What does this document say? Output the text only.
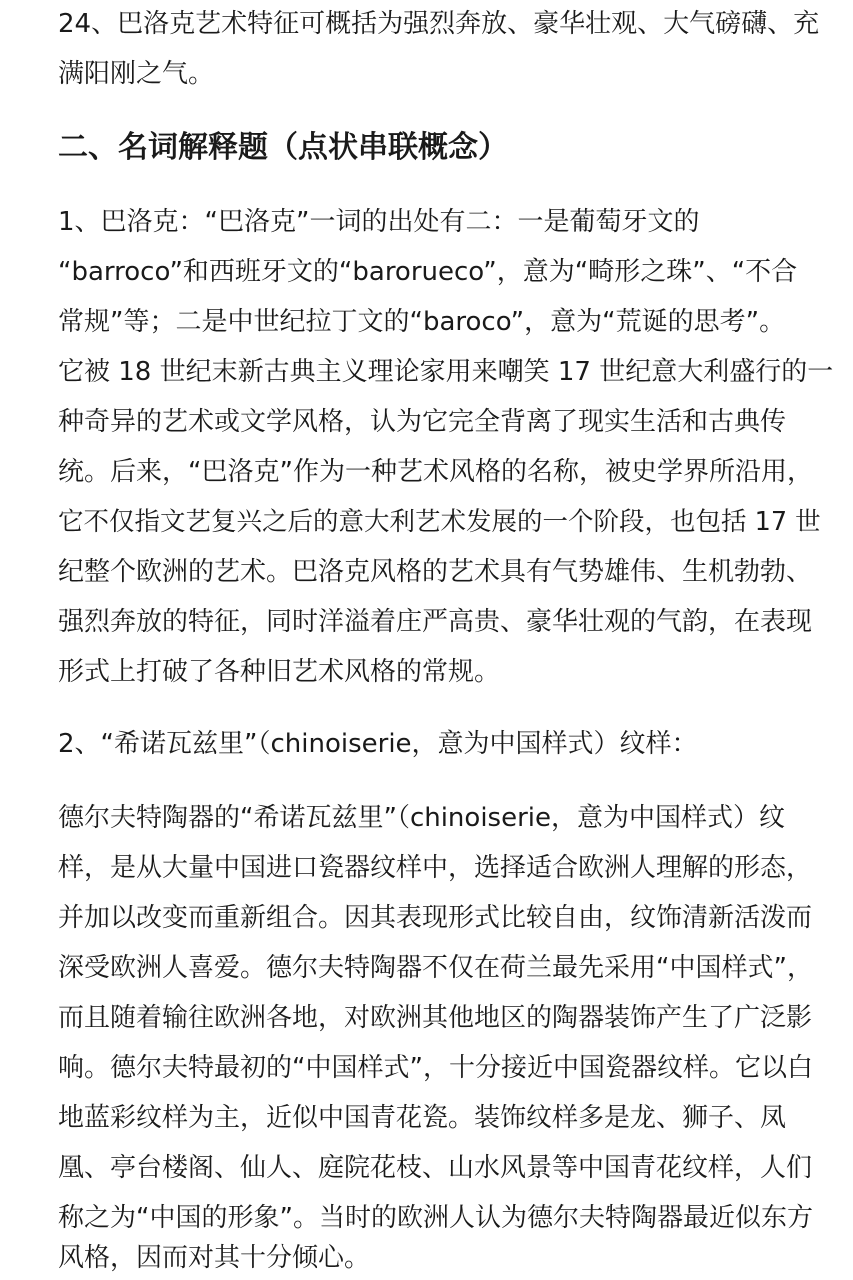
24、巴洛克艺术特征可概括为强烈奔放、豪华壮观、大气磅礴、充
满阳刚之气。
二、名词解释题（点状串联概念）
1、巴洛克：“巴洛克”一词的出处有二：一是葡萄牙文的
“barroco”和西班牙文的“barorueco”，意为“畸形之珠”、“不合
常规”等；二是中世纪拉丁文的“baroco”，意为“荒诞的思考”。
它被 18 世纪末新古典主义理论家用来嘲笑 17 世纪意大利盛行的一
种奇异的艺术或文学风格，认为它完全背离了现实生活和古典传
统。后来，“巴洛克”作为一种艺术风格的名称，被史学界所沿用，
它不仅指文艺复兴之后的意大利艺术发展的一个阶段，也包括 17 世
纪整个欧洲的艺术。巴洛克风格的艺术具有气势雄伟、生机勃勃、
强烈奔放的特征，同时洋溢着庄严高贵、豪华壮观的气韵，在表现
形式上打破了各种旧艺术风格的常规。
2、“希诺瓦兹里”（chinoiserie，意为中国样式）纹样：
德尔夫特陶器的“希诺瓦兹里”（chinoiserie，意为中国样式）纹
样，是从大量中国进口瓷器纹样中，选择适合欧洲人理解的形态，
并加以改变而重新组合。因其表现形式比较自由，纹饰清新活泼而
深受欧洲人喜爱。德尔夫特陶器不仅在荷兰最先采用“中国样式”，
而且随着输往欧洲各地，对欧洲其他地区的陶器装饰产生了广泛影
响。德尔夫特最初的“中国样式”，十分接近中国瓷器纹样。它以白
地蓝彩纹样为主，近似中国青花瓷。装饰纹样多是龙、狮子、凤
凰、亭台楼阁、仙人、庭院花枝、山水风景等中国青花纹样，人们
称之为“中国的形象”。当时的欧洲人认为德尔夫特陶器最近似东方
风格，因而对其十分倾心。
